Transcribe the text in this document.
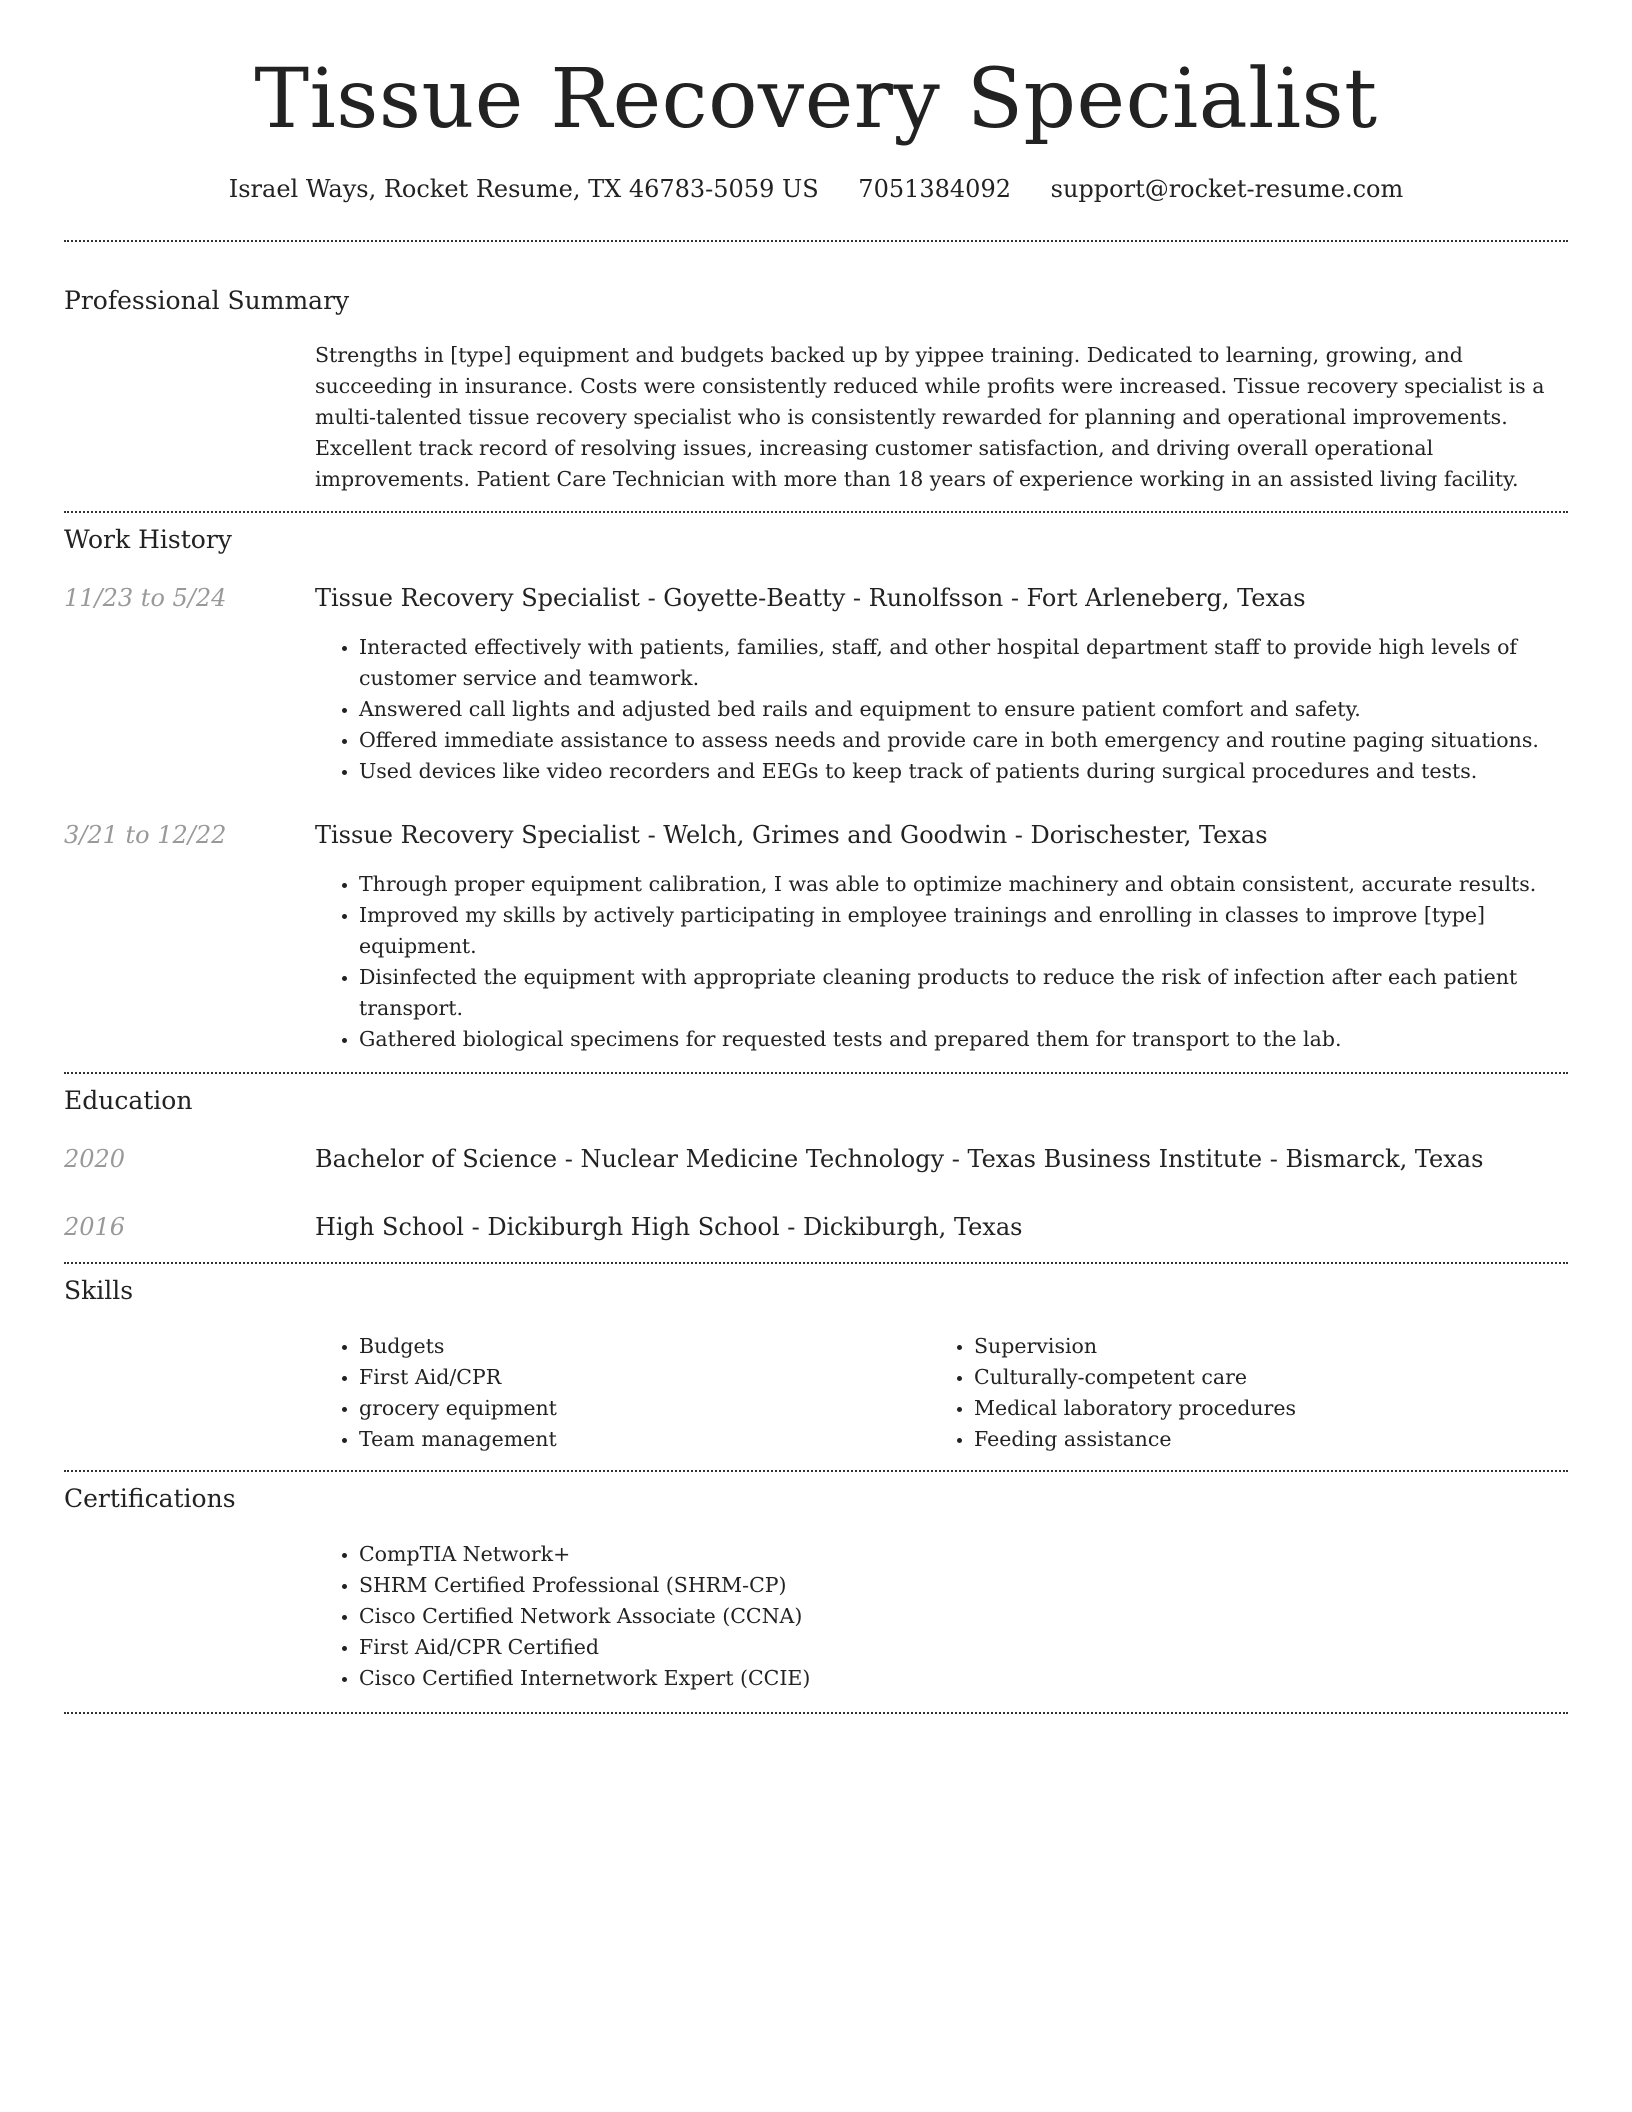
Tissue Recovery Specialist
Israel Ways, Rocket Resume, TX 46783-5059 US 7051384092 support@rocket-resume.com
Professional Summary

Strengths in [type] equipment and budgets backed up by yippee training. Dedicated to learning, growing, and succeeding in insurance. Costs were consistently reduced while profits were increased. Tissue recovery specialist is a multi-talented tissue recovery specialist who is consistently rewarded for planning and operational improvements. Excellent track record of resolving issues, increasing customer satisfaction, and driving overall operational improvements. Patient Care Technician with more than 18 years of experience working in an assisted living facility.

Work History
11/23 to 5/24	Tissue Recovery Specialist - Goyette-Beatty - Runolfsson - Fort Arleneberg, Texas
• Interacted effectively with patients, families, staff, and other hospital department staff to provide high levels of customer service and teamwork.
• Answered call lights and adjusted bed rails and equipment to ensure patient comfort and safety.
• Offered immediate assistance to assess needs and provide care in both emergency and routine paging situations.
• Used devices like video recorders and EEGs to keep track of patients during surgical procedures and tests.
3/21 to 12/22	Tissue Recovery Specialist - Welch, Grimes and Goodwin - Dorischester, Texas
• Through proper equipment calibration, I was able to optimize machinery and obtain consistent, accurate results.
• Improved my skills by actively participating in employee trainings and enrolling in classes to improve [type] equipment.
• Disinfected the equipment with appropriate cleaning products to reduce the risk of infection after each patient transport.
• Gathered biological specimens for requested tests and prepared them for transport to the lab.
Education
2020	Bachelor of Science - Nuclear Medicine Technology - Texas Business Institute - Bismarck, Texas
2016	High School - Dickiburgh High School - Dickiburgh, Texas
Skills
• Budgets
• First Aid/CPR
• grocery equipment
• Team management
• Supervision
• Culturally-competent care
• Medical laboratory procedures
• Feeding assistance
Certifications
• CompTIA Network+
• SHRM Certified Professional (SHRM-CP)
• Cisco Certified Network Associate (CCNA)
• First Aid/CPR Certified
• Cisco Certified Internetwork Expert (CCIE)
